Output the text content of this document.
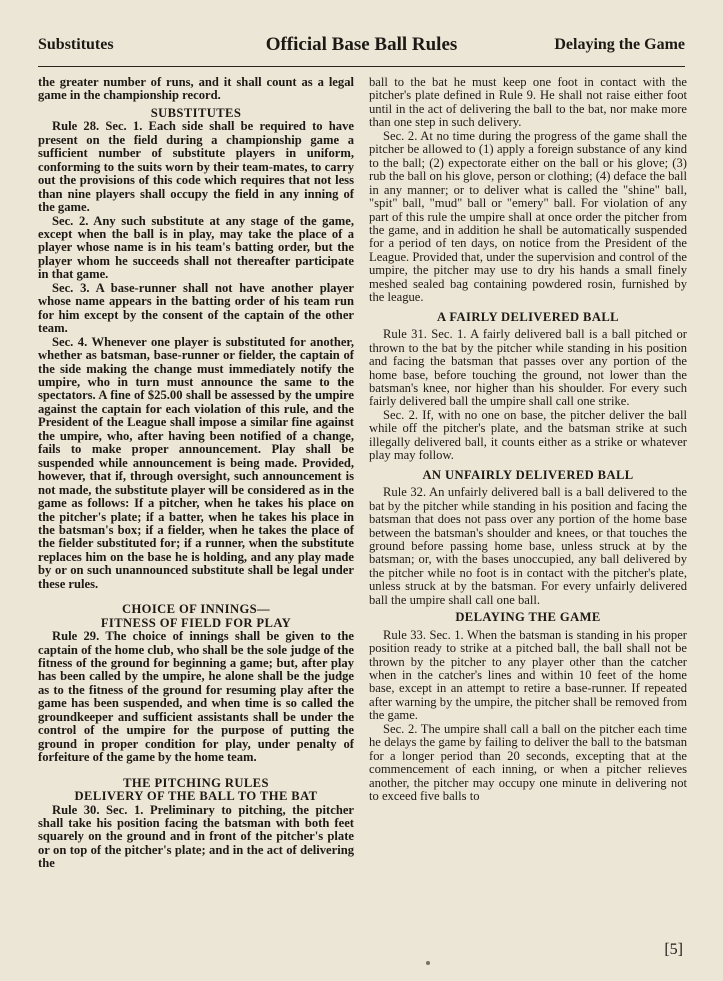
Substitutes	Official Base Ball Rules	Delaying the Game

the greater number of runs, and it shall count as a legal game in the championship record.

SUBSTITUTES

Rule 28. Sec. 1. Each side shall be required to have present on the field during a championship game a sufficient number of substitute players in uniform, conforming to the suits worn by their team-mates, to carry out the provisions of this code which requires that not less than nine players shall occupy the field in any inning of the game.

Sec. 2. Any such substitute at any stage of the game, except when the ball is in play, may take the place of a player whose name is in his team's batting order, but the player whom he succeeds shall not thereafter participate in that game.

Sec. 3. A base-runner shall not have another player whose name appears in the batting order of his team run for him except by the consent of the captain of the other team.

Sec. 4. Whenever one player is substituted for another, whether as batsman, base-runner or fielder, the captain of the side making the change must immediately notify the umpire, who in turn must announce the same to the spectators. A fine of $25.00 shall be assessed by the umpire against the captain for each violation of this rule, and the President of the League shall impose a similar fine against the umpire, who, after having been notified of a change, fails to make proper announcement. Play shall be suspended while announcement is being made. Provided, however, that if, through oversight, such announcement is not made, the substitute player will be considered as in the game as follows: If a pitcher, when he takes his place on the pitcher's plate; if a batter, when he takes his place in the batsman's box; if a fielder, when he takes the place of the fielder substituted for; if a runner, when the substitute replaces him on the base he is holding, and any play made by or on such unannounced substitute shall be legal under these rules.

CHOICE OF INNINGS—
FITNESS OF FIELD FOR PLAY

Rule 29. The choice of innings shall be given to the captain of the home club, who shall be the sole judge of the fitness of the ground for beginning a game; but, after play has been called by the umpire, he alone shall be the judge as to the fitness of the ground for resuming play after the game has been suspended, and when time is so called the groundkeeper and sufficient assistants shall be under the control of the umpire for the purpose of putting the ground in proper condition for play, under penalty of forfeiture of the game by the home team.

THE PITCHING RULES
DELIVERY OF THE BALL TO THE BAT

Rule 30. Sec. 1. Preliminary to pitching, the pitcher shall take his position facing the batsman with both feet squarely on the ground and in front of the pitcher's plate or on top of the pitcher's plate; and in the act of delivering the

ball to the bat he must keep one foot in contact with the pitcher's plate defined in Rule 9. He shall not raise either foot until in the act of delivering the ball to the bat, nor make more than one step in such delivery.

Sec. 2. At no time during the progress of the game shall the pitcher be allowed to (1) apply a foreign substance of any kind to the ball; (2) expectorate either on the ball or his glove; (3) rub the ball on his glove, person or clothing; (4) deface the ball in any manner; or to deliver what is called the "shine" ball, "spit" ball, "mud" ball or "emery" ball. For violation of any part of this rule the umpire shall at once order the pitcher from the game, and in addition he shall be automatically suspended for a period of ten days, on notice from the President of the League. Provided that, under the supervision and control of the umpire, the pitcher may use to dry his hands a small finely meshed sealed bag containing powdered rosin, furnished by the league.

A FAIRLY DELIVERED BALL

Rule 31. Sec. 1. A fairly delivered ball is a ball pitched or thrown to the bat by the pitcher while standing in his position and facing the batsman that passes over any portion of the home base, before touching the ground, not lower than the batsman's knee, nor higher than his shoulder. For every such fairly delivered ball the umpire shall call one strike.

Sec. 2. If, with no one on base, the pitcher deliver the ball while off the pitcher's plate, and the batsman strike at such illegally delivered ball, it counts either as a strike or whatever play may follow.

AN UNFAIRLY DELIVERED BALL

Rule 32. An unfairly delivered ball is a ball delivered to the bat by the pitcher while standing in his position and facing the batsman that does not pass over any portion of the home base between the batsman's shoulder and knees, or that touches the ground before passing home base, unless struck at by the batsman; or, with the bases unoccupied, any ball delivered by the pitcher while no foot is in contact with the pitcher's plate, unless struck at by the batsman. For every unfairly delivered ball the umpire shall call one ball.

DELAYING THE GAME

Rule 33. Sec. 1. When the batsman is standing in his proper position ready to strike at a pitched ball, the ball shall not be thrown by the pitcher to any player other than the catcher when in the catcher's lines and within 10 feet of the home base, except in an attempt to retire a base-runner. If repeated after warning by the umpire, the pitcher shall be removed from the game.

Sec. 2. The umpire shall call a ball on the pitcher each time he delays the game by failing to deliver the ball to the batsman for a longer period than 20 seconds, excepting that at the commencement of each inning, or when a pitcher relieves another, the pitcher may occupy one minute in delivering not to exceed five balls to

[5]
